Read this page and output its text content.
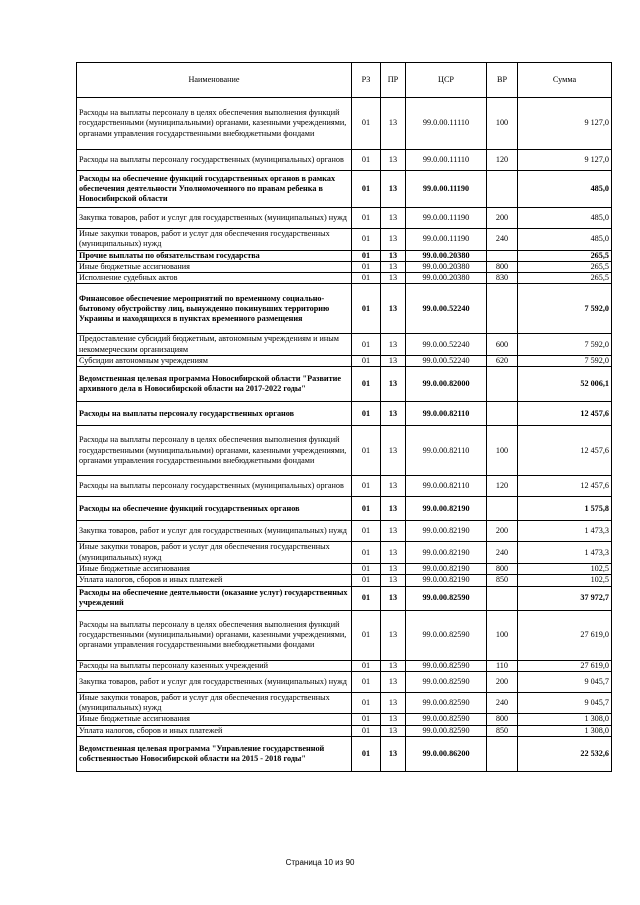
Наименование	РЗ	ПР	ЦСР	ВР	Сумма
Расходы на выплаты персоналу в целях обеспечения выполнения функций государственными (муниципальными) органами, казенными учреждениями, органами управления государственными внебюджетными фондами	01	13	99.0.00.11110	100	9 127,0
Расходы на выплаты персоналу государственных (муниципальных) органов	01	13	99.0.00.11110	120	9 127,0
Расходы на обеспечение функций государственных органов в рамках обеспечения деятельности Уполномоченного по правам ребенка в Новосибирской области	01	13	99.0.00.11190		485,0
Закупка товаров, работ и услуг для государственных (муниципальных) нужд	01	13	99.0.00.11190	200	485,0
Иные закупки товаров, работ и услуг для обеспечения государственных (муниципальных) нужд	01	13	99.0.00.11190	240	485,0
Прочие выплаты по обязательствам государства	01	13	99.0.00.20380		265,5
Иные бюджетные ассигнования	01	13	99.0.00.20380	800	265,5
Исполнение судебных актов	01	13	99.0.00.20380	830	265,5
Финансовое обеспечение мероприятий по временному социально-бытовому обустройству лиц, вынужденно покинувших территорию Украины и находящихся в пунктах временного размещения	01	13	99.0.00.52240		7 592,0
Предоставление субсидий бюджетным, автономным учреждениям и иным некоммерческим организациям	01	13	99.0.00.52240	600	7 592,0
Субсидии автономным учреждениям	01	13	99.0.00.52240	620	7 592,0
Ведомственная целевая программа Новосибирской области "Развитие архивного дела в Новосибирской области на 2017-2022 годы"	01	13	99.0.00.82000		52 006,1
Расходы на выплаты персоналу государственных органов	01	13	99.0.00.82110		12 457,6
Расходы на выплаты персоналу в целях обеспечения выполнения функций государственными (муниципальными) органами, казенными учреждениями, органами управления государственными внебюджетными фондами	01	13	99.0.00.82110	100	12 457,6
Расходы на выплаты персоналу государственных (муниципальных) органов	01	13	99.0.00.82110	120	12 457,6
Расходы на обеспечение функций государственных органов	01	13	99.0.00.82190		1 575,8
Закупка товаров, работ и услуг для государственных (муниципальных) нужд	01	13	99.0.00.82190	200	1 473,3
Иные закупки товаров, работ и услуг для обеспечения государственных (муниципальных) нужд	01	13	99.0.00.82190	240	1 473,3
Иные бюджетные ассигнования	01	13	99.0.00.82190	800	102,5
Уплата налогов, сборов и иных платежей	01	13	99.0.00.82190	850	102,5
Расходы на обеспечение деятельности (оказание услуг) государственных учреждений	01	13	99.0.00.82590		37 972,7
Расходы на выплаты персоналу в целях обеспечения выполнения функций государственными (муниципальными) органами, казенными учреждениями, органами управления государственными внебюджетными фондами	01	13	99.0.00.82590	100	27 619,0
Расходы на выплаты персоналу казенных учреждений	01	13	99.0.00.82590	110	27 619,0
Закупка товаров, работ и услуг для государственных (муниципальных) нужд	01	13	99.0.00.82590	200	9 045,7
Иные закупки товаров, работ и услуг для обеспечения государственных (муниципальных) нужд	01	13	99.0.00.82590	240	9 045,7
Иные бюджетные ассигнования	01	13	99.0.00.82590	800	1 308,0
Уплата налогов, сборов и иных платежей	01	13	99.0.00.82590	850	1 308,0
Ведомственная целевая программа "Управление государственной собственностью Новосибирской области на 2015 - 2018 годы"	01	13	99.0.00.86200		22 532,6
Страница 10 из 90
